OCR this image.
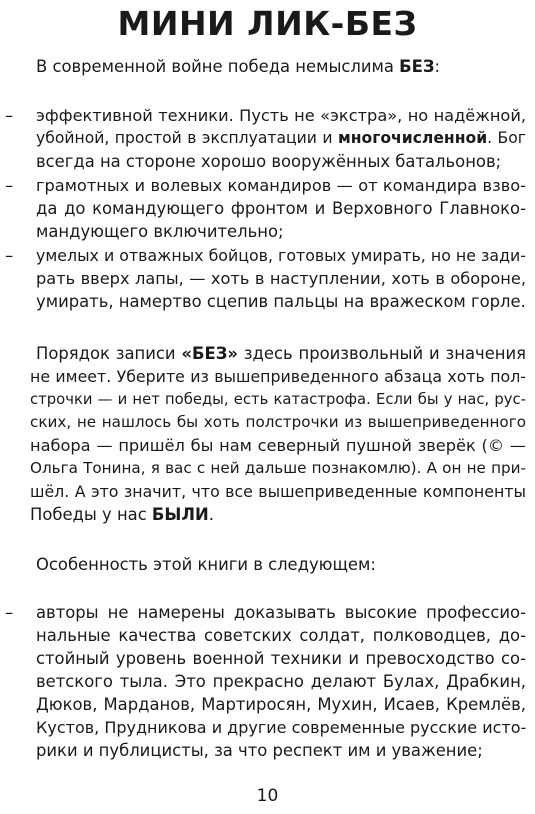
МИНИ ЛИК-БЕЗ
В современной войне победа немыслима БЕЗ:
– эффективной техники. Пусть не «экстра», но надёжной,
убойной, простой в эксплуатации и многочисленной. Бог
всегда на стороне хорошо вооружённых батальонов;
– грамотных и волевых командиров — от командира взво-
да до командующего фронтом и Верховного Главноко-
мандующего включительно;
– умелых и отважных бойцов, готовых умирать, но не зади-
рать вверх лапы, — хоть в наступлении, хоть в обороне,
умирать, намертво сцепив пальцы на вражеском горле.
Порядок записи «БЕЗ» здесь произвольный и значения
не имеет. Уберите из вышеприведенного абзаца хоть пол-
строчки — и нет победы, есть катастрофа. Если бы у нас, рус-
ских, не нашлось бы хоть полстрочки из вышеприведенного
набора — пришёл бы нам северный пушной зверёк (© —
Ольга Тонина, я вас с ней дальше познакомлю). А он не при-
шёл. А это значит, что все вышеприведенные компоненты
Победы у нас БЫЛИ.
Особенность этой книги в следующем:
– авторы не намерены доказывать высокие профессио-
нальные качества советских солдат, полководцев, до-
стойный уровень военной техники и превосходство со-
ветского тыла. Это прекрасно делают Булах, Драбкин,
Дюков, Марданов, Мартиросян, Мухин, Исаев, Кремлёв,
Кустов, Прудникова и другие современные русские исто-
рики и публицисты, за что респект им и уважение;
10
